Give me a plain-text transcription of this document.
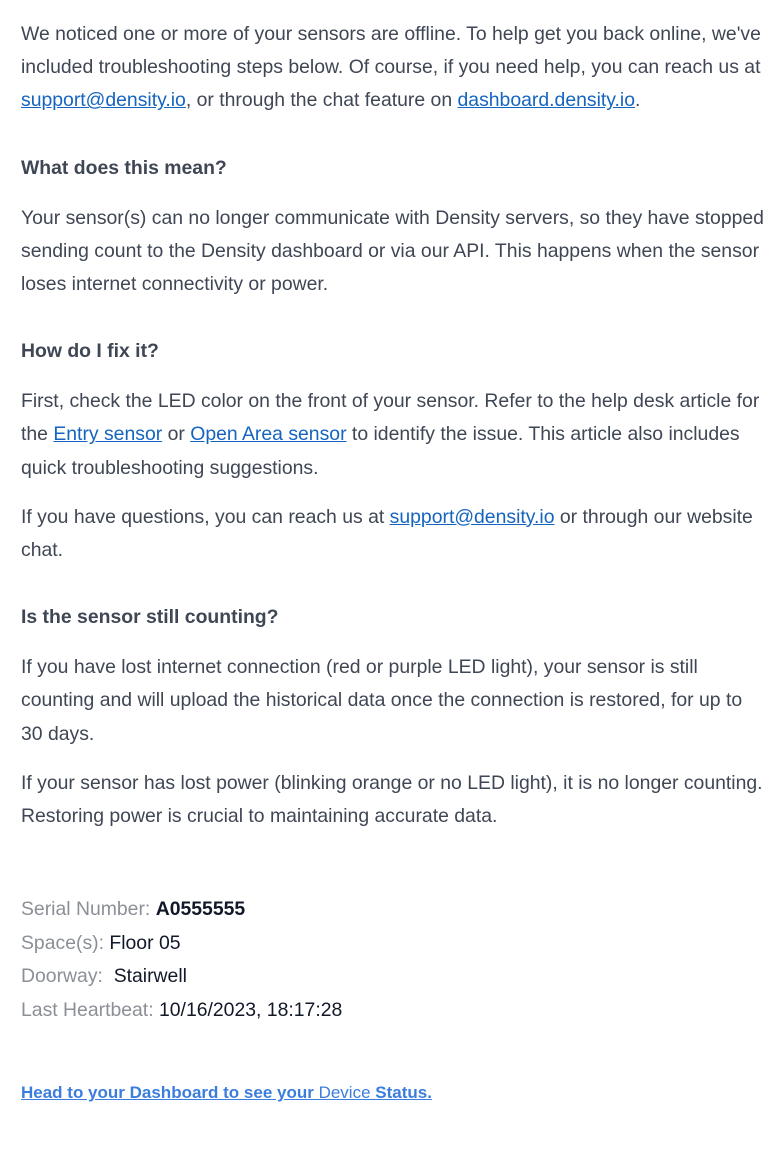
We noticed one or more of your sensors are offline. To help get you back online, we've included troubleshooting steps below. Of course, if you need help, you can reach us at support@density.io, or through the chat feature on dashboard.density.io.

What does this mean?

Your sensor(s) can no longer communicate with Density servers, so they have stopped sending count to the Density dashboard or via our API. This happens when the sensor loses internet connectivity or power.

How do I fix it?

First, check the LED color on the front of your sensor. Refer to the help desk article for the Entry sensor or Open Area sensor to identify the issue. This article also includes quick troubleshooting suggestions.

If you have questions, you can reach us at support@density.io or through our website chat.

Is the sensor still counting?

If you have lost internet connection (red or purple LED light), your sensor is still counting and will upload the historical data once the connection is restored, for up to 30 days.

If your sensor has lost power (blinking orange or no LED light), it is no longer counting. Restoring power is crucial to maintaining accurate data.

Serial Number: A0555555
Space(s): Floor 05
Doorway:  Stairwell
Last Heartbeat: 10/16/2023, 18:17:28
Head to your Dashboard to see your Device Status.
